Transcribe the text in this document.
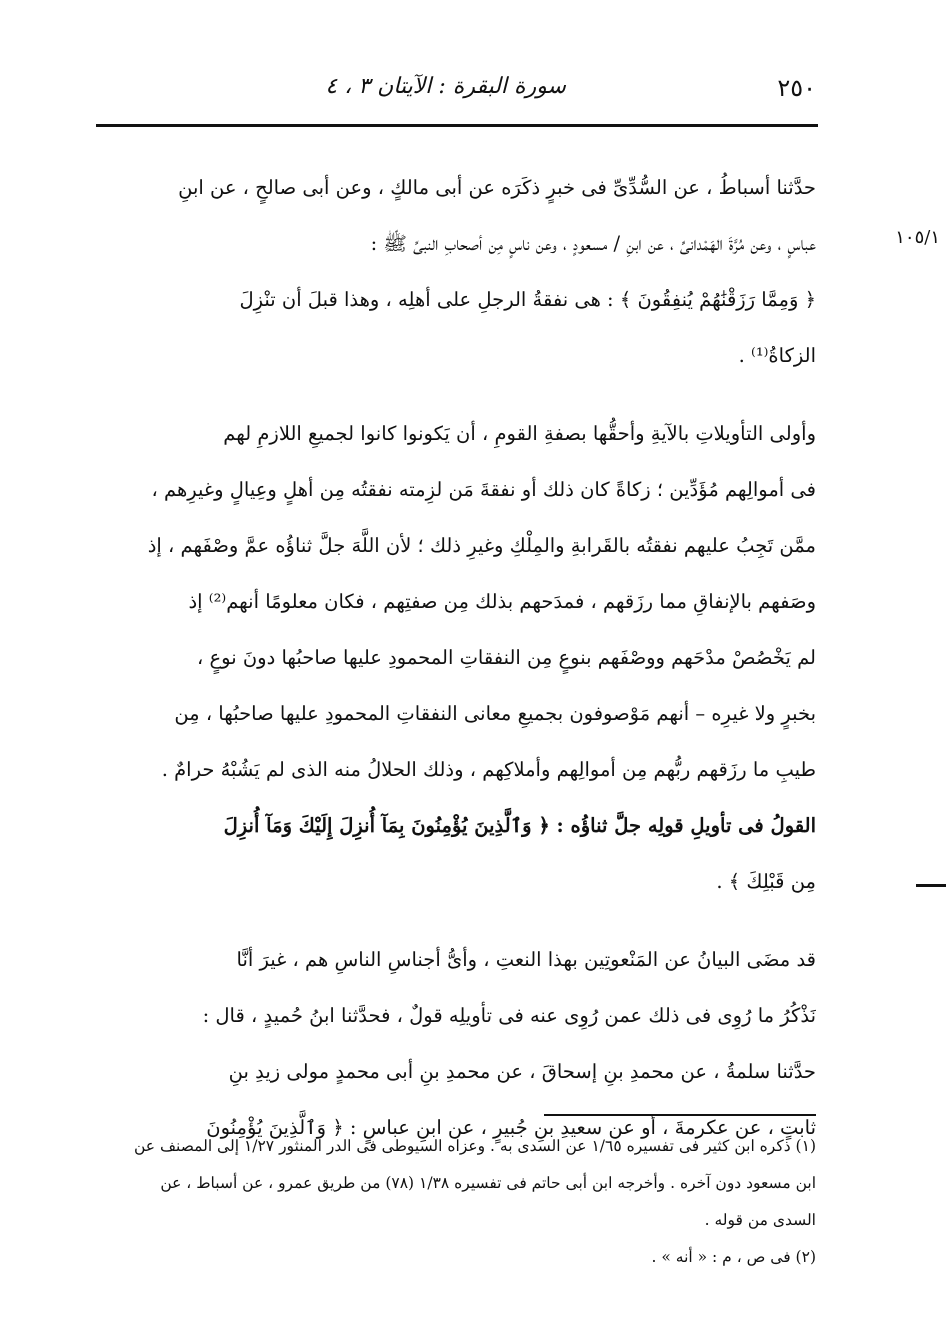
٢٥٠
سورة البقرة : الآيتان ٣ ، ٤
١٠٥/١
حدَّثنا أسباطُ ، عن السُّدِّىِّ فى خبرٍ ذكَرَه عن أبى مالكٍ ، وعن أبى صالحٍ ، عن ابنِ
عباسٍ ، وعن مُرَّةَ الهَمْدانىِّ ، عن ابنِ / مسعودٍ ، وعن ناسٍ مِن أصحابِ النبىِّ ﷺ :
﴿ وَمِمَّا رَزَقْنَٰهُمْ يُنفِقُونَ ﴾ : هى نفقةُ الرجلِ على أهلِه ، وهذا قبلَ أن تنْزِلَ
الزكاةُ⁽¹⁾ .
وأولى التأويلاتِ بالآيةِ وأحقُّها بصفةِ القومِ ، أن يَكونوا كانوا لجميعِ اللازمِ لهم
فى أموالِهم مُؤَدِّين ؛ زكاةً كان ذلك أو نفقةَ مَن لزِمته نفقتُه مِن أهلٍ وعِيالٍ وغيرِهم ،
ممَّن تَجِبُ عليهم نفقتُه بالقَرابةِ والمِلْكِ وغيرِ ذلك ؛ لأن اللَّهَ جلَّ ثناؤُه عمَّ وصْفَهم ، إذ
وصَفهم بالإنفاقِ مما رزَقهم ، فمدَحهم بذلك مِن صفتِهم ، فكان معلومًا أنهم⁽²⁾ إذ
لم يَخْصُصْ مدْحَهم ووصْفَهم بنوعٍ مِن النفقاتِ المحمودِ عليها صاحبُها دونَ نوعٍ ،
بخبرٍ ولا غيرِه – أنهم مَوْصوفون بجميعِ معانى النفقاتِ المحمودِ عليها صاحبُها ، مِن
طيبِ ما رزَقهم ربُّهم مِن أموالِهم وأملاكِهم ، وذلك الحلالُ منه الذى لم يَشُبْهُ حرامٌ .
القولُ فى تأويلِ قولِه جلَّ ثناؤُه : ﴿ وَٱلَّذِينَ يُؤْمِنُونَ بِمَآ أُنزِلَ إِلَيْكَ وَمَآ أُنزِلَ
مِن قَبْلِكَ ﴾ .
قد مضَى البيانُ عن المَنْعوتِين بهذا النعتِ ، وأىُّ أجناسِ الناسِ هم ، غيرَ أنَّا
نَذْكُرُ ما رُوِى فى ذلك عمن رُوِى عنه فى تأويلِه قولٌ ، فحدَّثنا ابنُ حُميدٍ ، قال :
حدَّثنا سلمةُ ، عن محمدِ بنِ إسحاقَ ، عن محمدِ بنِ أبى محمدٍ مولى زيدِ بنِ
ثابتٍ ، عن عكرمةَ ، أو عن سعيدِ بنِ جُبيرٍ ، عن ابنِ عباسٍ : ﴿ وَٱلَّذِينَ يُؤْمِنُونَ
(١) ذكره ابن كثير فى تفسيره ١/٦٥ عن السدى به . وعزاه السيوطى فى الدر المنثور ١/٢٧ إلى المصنف عن
ابن مسعود دون آخره . وأخرجه ابن أبى حاتم فى تفسيره ١/٣٨ (٧٨) من طريق عمرو ، عن أسباط ، عن
السدى من قوله .
(٢) فى ص ، م : « أنه » .
